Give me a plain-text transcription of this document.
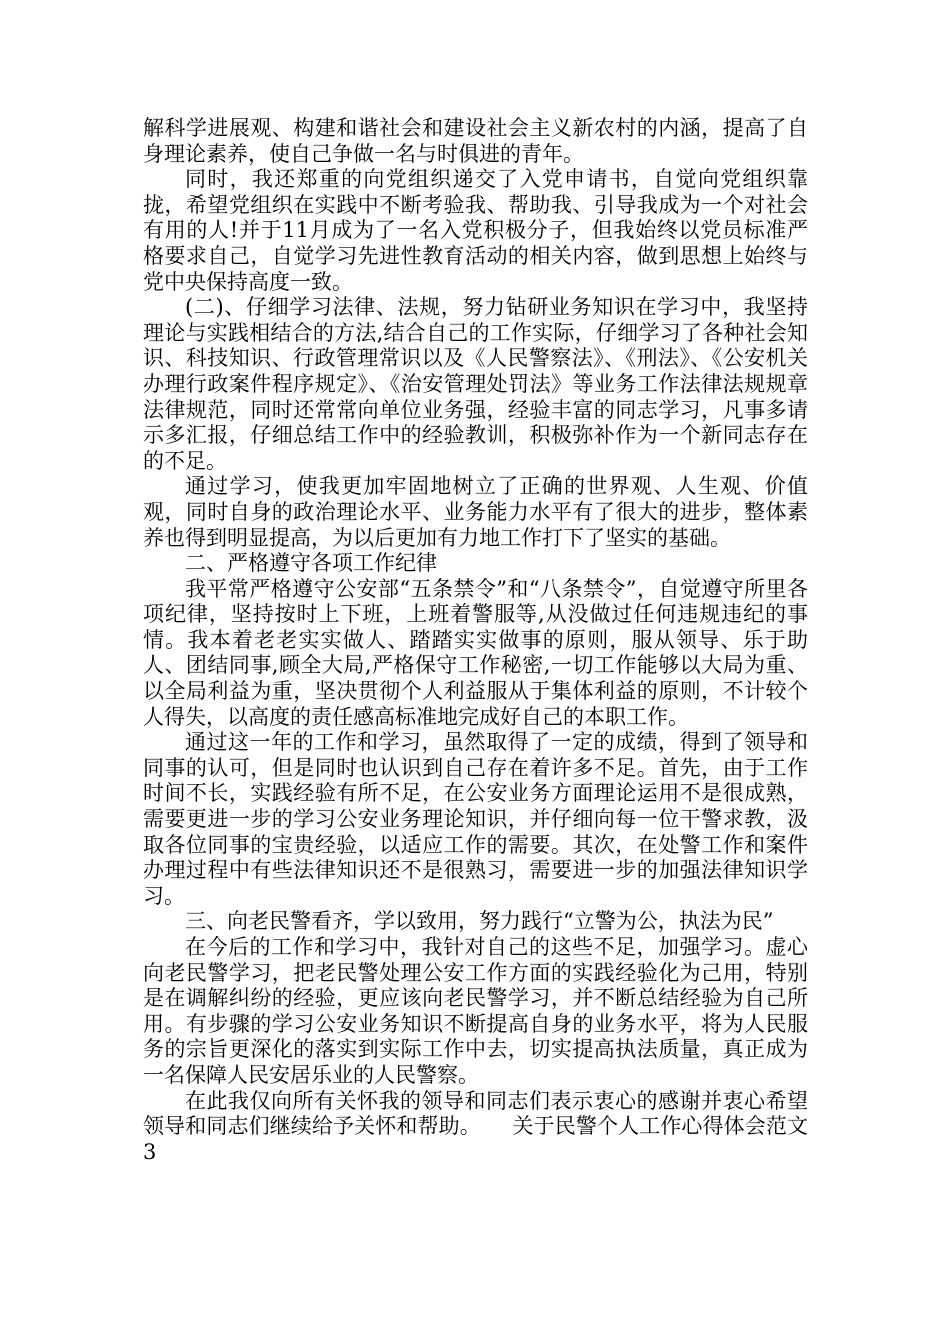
解科学进展观、构建和谐社会和建设社会主义新农村的内涵，提高了自身理论素养，使自己争做一名与时俱进的青年。

同时，我还郑重的向党组织递交了入党申请书，自觉向党组织靠拢，希望党组织在实践中不断考验我、帮助我、引导我成为一个对社会有用的人!并于11月成为了一名入党积极分子，但我始终以党员标准严格要求自己，自觉学习先进性教育活动的相关内容，做到思想上始终与党中央保持高度一致。

(二)、仔细学习法律、法规，努力钻研业务知识在学习中，我坚持理论与实践相结合的方法,结合自己的工作实际，仔细学习了各种社会知识、科技知识、行政管理常识以及《人民警察法》、《刑法》、《公安机关办理行政案件程序规定》、《治安管理处罚法》等业务工作法律法规规章法律规范，同时还常常向单位业务强，经验丰富的同志学习，凡事多请示多汇报，仔细总结工作中的经验教训，积极弥补作为一个新同志存在的不足。

通过学习，使我更加牢固地树立了正确的世界观、人生观、价值观，同时自身的政治理论水平、业务能力水平有了很大的进步，整体素养也得到明显提高，为以后更加有力地工作打下了坚实的基础。

二、严格遵守各项工作纪律

我平常严格遵守公安部“五条禁令”和“八条禁令”，自觉遵守所里各项纪律，坚持按时上下班，上班着警服等,从没做过任何违规违纪的事情。我本着老老实实做人、踏踏实实做事的原则，服从领导、乐于助人、团结同事,顾全大局,严格保守工作秘密,一切工作能够以大局为重、以全局利益为重，坚决贯彻个人利益服从于集体利益的原则，不计较个人得失，以高度的责任感高标准地完成好自己的本职工作。

通过这一年的工作和学习，虽然取得了一定的成绩，得到了领导和同事的认可，但是同时也认识到自己存在着许多不足。首先，由于工作时间不长，实践经验有所不足，在公安业务方面理论运用不是很成熟，需要更进一步的学习公安业务理论知识，并仔细向每一位干警求教，汲取各位同事的宝贵经验，以适应工作的需要。其次，在处警工作和案件办理过程中有些法律知识还不是很熟习，需要进一步的加强法律知识学习。

三、向老民警看齐，学以致用，努力践行“立警为公，执法为民”

在今后的工作和学习中，我针对自己的这些不足，加强学习。虚心向老民警学习，把老民警处理公安工作方面的实践经验化为己用，特别是在调解纠纷的经验，更应该向老民警学习，并不断总结经验为自己所用。有步骤的学习公安业务知识不断提高自身的业务水平，将为人民服务的宗旨更深化的落实到实际工作中去，切实提高执法质量，真正成为一名保障人民安居乐业的人民警察。

在此我仅向所有关怀我的领导和同志们表示衷心的感谢并衷心希望领导和同志们继续给予关怀和帮助。　　关于民警个人工作心得体会范文3
